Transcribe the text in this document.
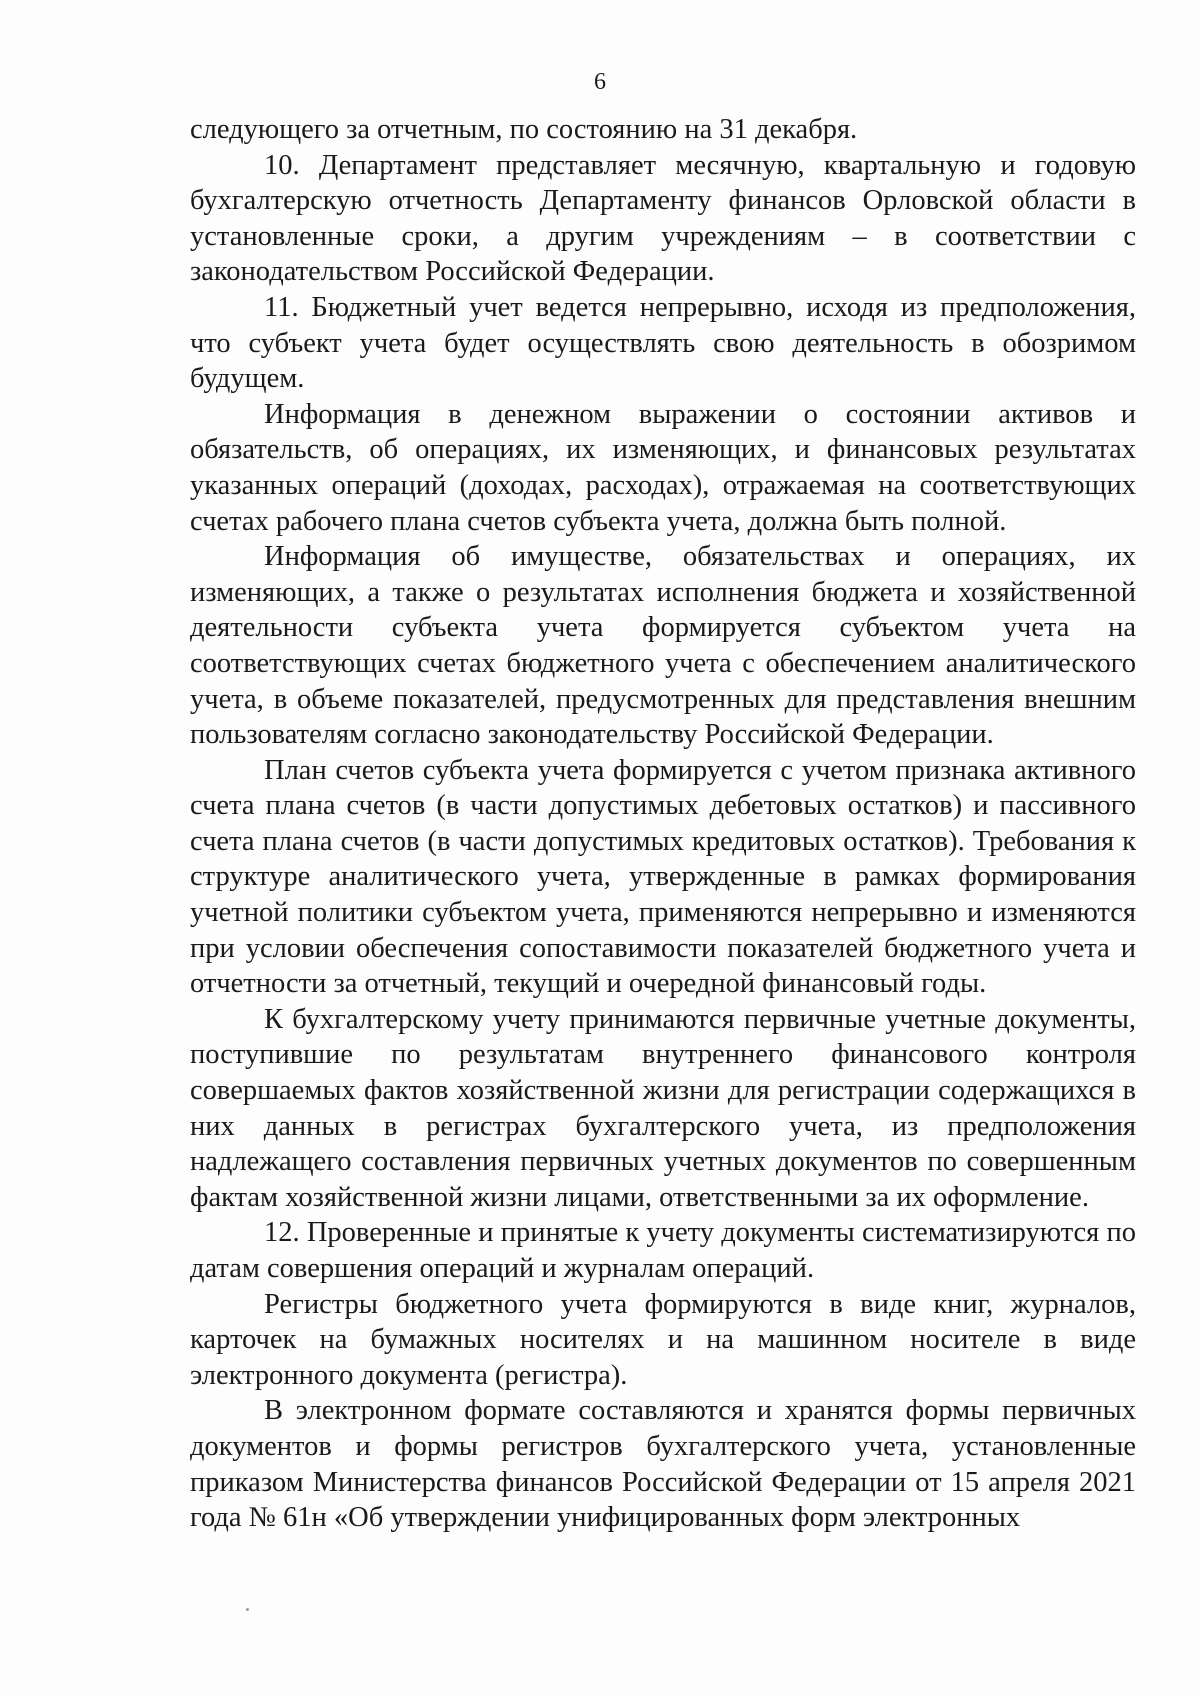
6

следующего за отчетным, по состоянию на 31 декабря.

10. Департамент представляет месячную, квартальную и годовую бухгалтерскую отчетность Департаменту финансов Орловской области в установленные сроки, а другим учреждениям – в соответствии с законодательством Российской Федерации.

11. Бюджетный учет ведется непрерывно, исходя из предположения, что субъект учета будет осуществлять свою деятельность в обозримом будущем.

Информация в денежном выражении о состоянии активов и обязательств, об операциях, их изменяющих, и финансовых результатах указанных операций (доходах, расходах), отражаемая на соответствующих счетах рабочего плана счетов субъекта учета, должна быть полной.

Информация об имуществе, обязательствах и операциях, их изменяющих, а также о результатах исполнения бюджета и хозяйственной деятельности субъекта учета формируется субъектом учета на соответствующих счетах бюджетного учета с обеспечением аналитического учета, в объеме показателей, предусмотренных для представления внешним пользователям согласно законодательству Российской Федерации.

План счетов субъекта учета формируется с учетом признака активного счета плана счетов (в части допустимых дебетовых остатков) и пассивного счета плана счетов (в части допустимых кредитовых остатков). Требования к структуре аналитического учета, утвержденные в рамках формирования учетной политики субъектом учета, применяются непрерывно и изменяются при условии обеспечения сопоставимости показателей бюджетного учета и отчетности за отчетный, текущий и очередной финансовый годы.

К бухгалтерскому учету принимаются первичные учетные документы, поступившие по результатам внутреннего финансового контроля совершаемых фактов хозяйственной жизни для регистрации содержащихся в них данных в регистрах бухгалтерского учета, из предположения надлежащего составления первичных учетных документов по совершенным фактам хозяйственной жизни лицами, ответственными за их оформление.

12. Проверенные и принятые к учету документы систематизируются по датам совершения операций и журналам операций.

Регистры бюджетного учета формируются в виде книг, журналов, карточек на бумажных носителях и на машинном носителе в виде электронного документа (регистра).

В электронном формате составляются и хранятся формы первичных документов и формы регистров бухгалтерского учета, установленные приказом Министерства финансов Российской Федерации от 15 апреля 2021 года № 61н «Об утверждении унифицированных форм электронных
